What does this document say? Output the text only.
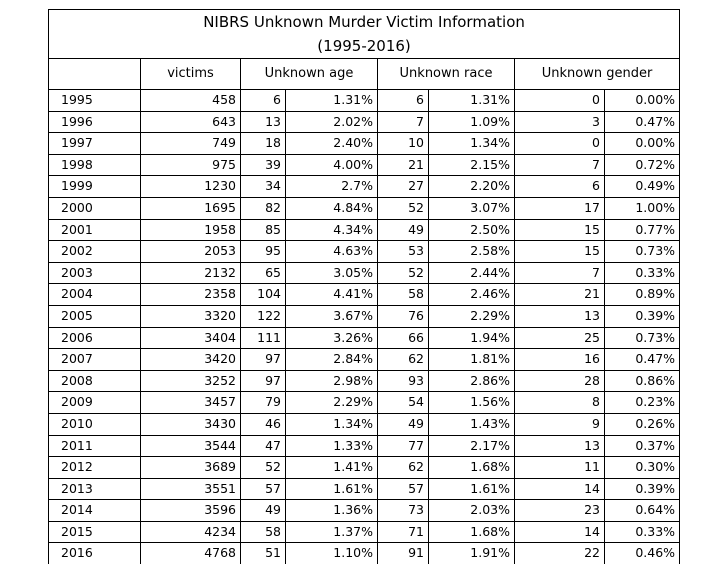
NIBRS Unknown Murder Victim Information
(1995-2016)							

	victims	Unknown age		Unknown race		Unknown gender	
1995	458	6	1.31%	6	1.31%	0	0.00%
1996	643	13	2.02%	7	1.09%	3	0.47%
1997	749	18	2.40%	10	1.34%	0	0.00%
1998	975	39	4.00%	21	2.15%	7	0.72%
1999	1230	34	2.7%	27	2.20%	6	0.49%
2000	1695	82	4.84%	52	3.07%	17	1.00%
2001	1958	85	4.34%	49	2.50%	15	0.77%
2002	2053	95	4.63%	53	2.58%	15	0.73%
2003	2132	65	3.05%	52	2.44%	7	0.33%
2004	2358	104	4.41%	58	2.46%	21	0.89%
2005	3320	122	3.67%	76	2.29%	13	0.39%
2006	3404	111	3.26%	66	1.94%	25	0.73%
2007	3420	97	2.84%	62	1.81%	16	0.47%
2008	3252	97	2.98%	93	2.86%	28	0.86%
2009	3457	79	2.29%	54	1.56%	8	0.23%
2010	3430	46	1.34%	49	1.43%	9	0.26%
2011	3544	47	1.33%	77	2.17%	13	0.37%
2012	3689	52	1.41%	62	1.68%	11	0.30%
2013	3551	57	1.61%	57	1.61%	14	0.39%
2014	3596	49	1.36%	73	2.03%	23	0.64%
2015	4234	58	1.37%	71	1.68%	14	0.33%
2016	4768	51	1.10%	91	1.91%	22	0.46%
